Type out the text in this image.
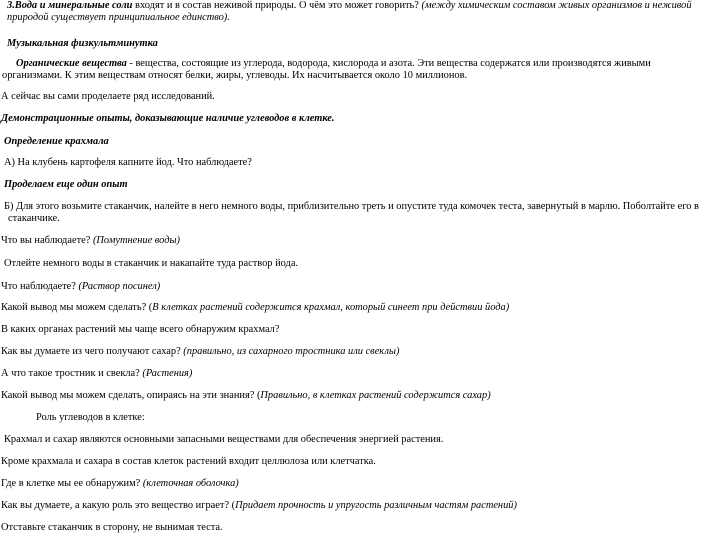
3.Вода и минеральные соли входят и в состав неживой природы. О чём это может говорить? (между химическим составом живых организмов и неживой
природой существует принципиальное единство).
Музыкальная физкультминутка
Органические вещества - вещества, состоящие из углерода, водорода, кислорода и азота. Эти вещества содержатся или производятся живыми
организмами. К этим веществам относят белки, жиры, углеводы. Их насчитывается около 10 миллионов.
А сейчас вы сами проделаете ряд исследований.
Демонстрационные опыты, доказывающие наличие углеводов в клетке.
Определение крахмала
А) На клубень картофеля капните йод. Что наблюдаете?
Проделаем еще один опыт
Б) Для этого возьмите стаканчик, налейте в него немного воды, приблизительно треть и опустите туда комочек теста, завернутый в марлю. Поболтайте его в
стаканчике.
Что вы наблюдаете? (Помутнение воды)
Отлейте немного воды в стаканчик и накапайте туда раствор йода.
Что наблюдаете? (Раствор посинел)
Какой вывод мы можем сделать? (В клетках растений содержится крахмал, который синеет при действии йода)
В каких органах растений мы чаще всего обнаружим крахмал?
Как вы думаете из чего получают сахар? (правильно, из сахарного тростника или свеклы)
А что такое тростник и свекла? (Растения)
Какой вывод мы можем сделать, опираясь на эти знания? (Правильно, в клетках растений содержится сахар)
Роль углеводов в клетке:
Крахмал и сахар являются основными запасными веществами для обеспечения энергией растения.
Кроме крахмала и сахара в состав клеток растений входит целлюлоза или клетчатка.
Где в клетке мы ее обнаружим? (клеточная оболочка)
Как вы думаете, а какую роль это вещество играет? (Придает прочность и упругость различным частям растений)
Отставьте стаканчик в сторону, не вынимая теста.
